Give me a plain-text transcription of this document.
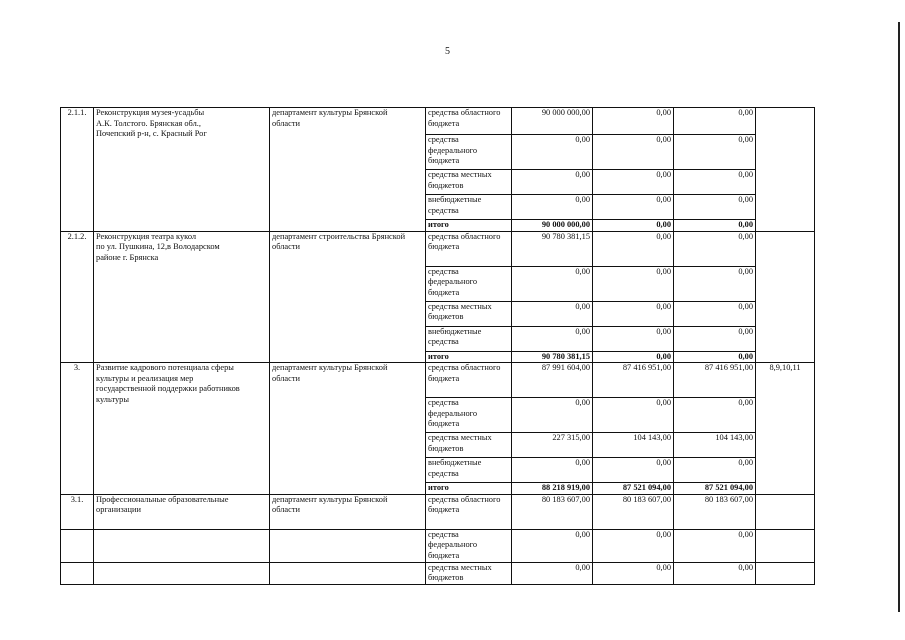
5
2.1.1.	Реконструкция музея-усадьбы
А.К. Толстого. Брянская обл.,
Почепский р-н, с. Красный Рог	департамент культуры Брянской
области	средства областного
бюджета	90 000 000,00	0,00	0,00	
			средства
федерального
бюджета	0,00	0,00	0,00	
			средства местных
бюджетов	0,00	0,00	0,00	
			внебюджетные
средства	0,00	0,00	0,00	
			итого	90 000 000,00	0,00	0,00	
2.1.2.	Реконструкция театра кукол
по ул. Пушкина, 12,в Володарском
районе г. Брянска	департамент строительства Брянской
области	средства областного
бюджета	90 780 381,15	0,00	0,00	
			средства
федерального
бюджета	0,00	0,00	0,00	
			средства местных
бюджетов	0,00	0,00	0,00	
			внебюджетные
средства	0,00	0,00	0,00	
			итого	90 780 381,15	0,00	0,00	
3.	Развитие кадрового потенциала сферы
культуры и реализация мер
государственной поддержки работников
культуры	департамент культуры Брянской
области	средства областного
бюджета	87 991 604,00	87 416 951,00	87 416 951,00	8,9,10,11
			средства
федерального
бюджета	0,00	0,00	0,00	
			средства местных
бюджетов	227 315,00	104 143,00	104 143,00	
			внебюджетные
средства	0,00	0,00	0,00	
			итого	88 218 919,00	87 521 094,00	87 521 094,00	
3.1.	Профессиональные образовательные
организации	департамент культуры Брянской
области	средства областного
бюджета	80 183 607,00	80 183 607,00	80 183 607,00	
			средства
федерального
бюджета	0,00	0,00	0,00	
			средства местных
бюджетов	0,00	0,00	0,00	
